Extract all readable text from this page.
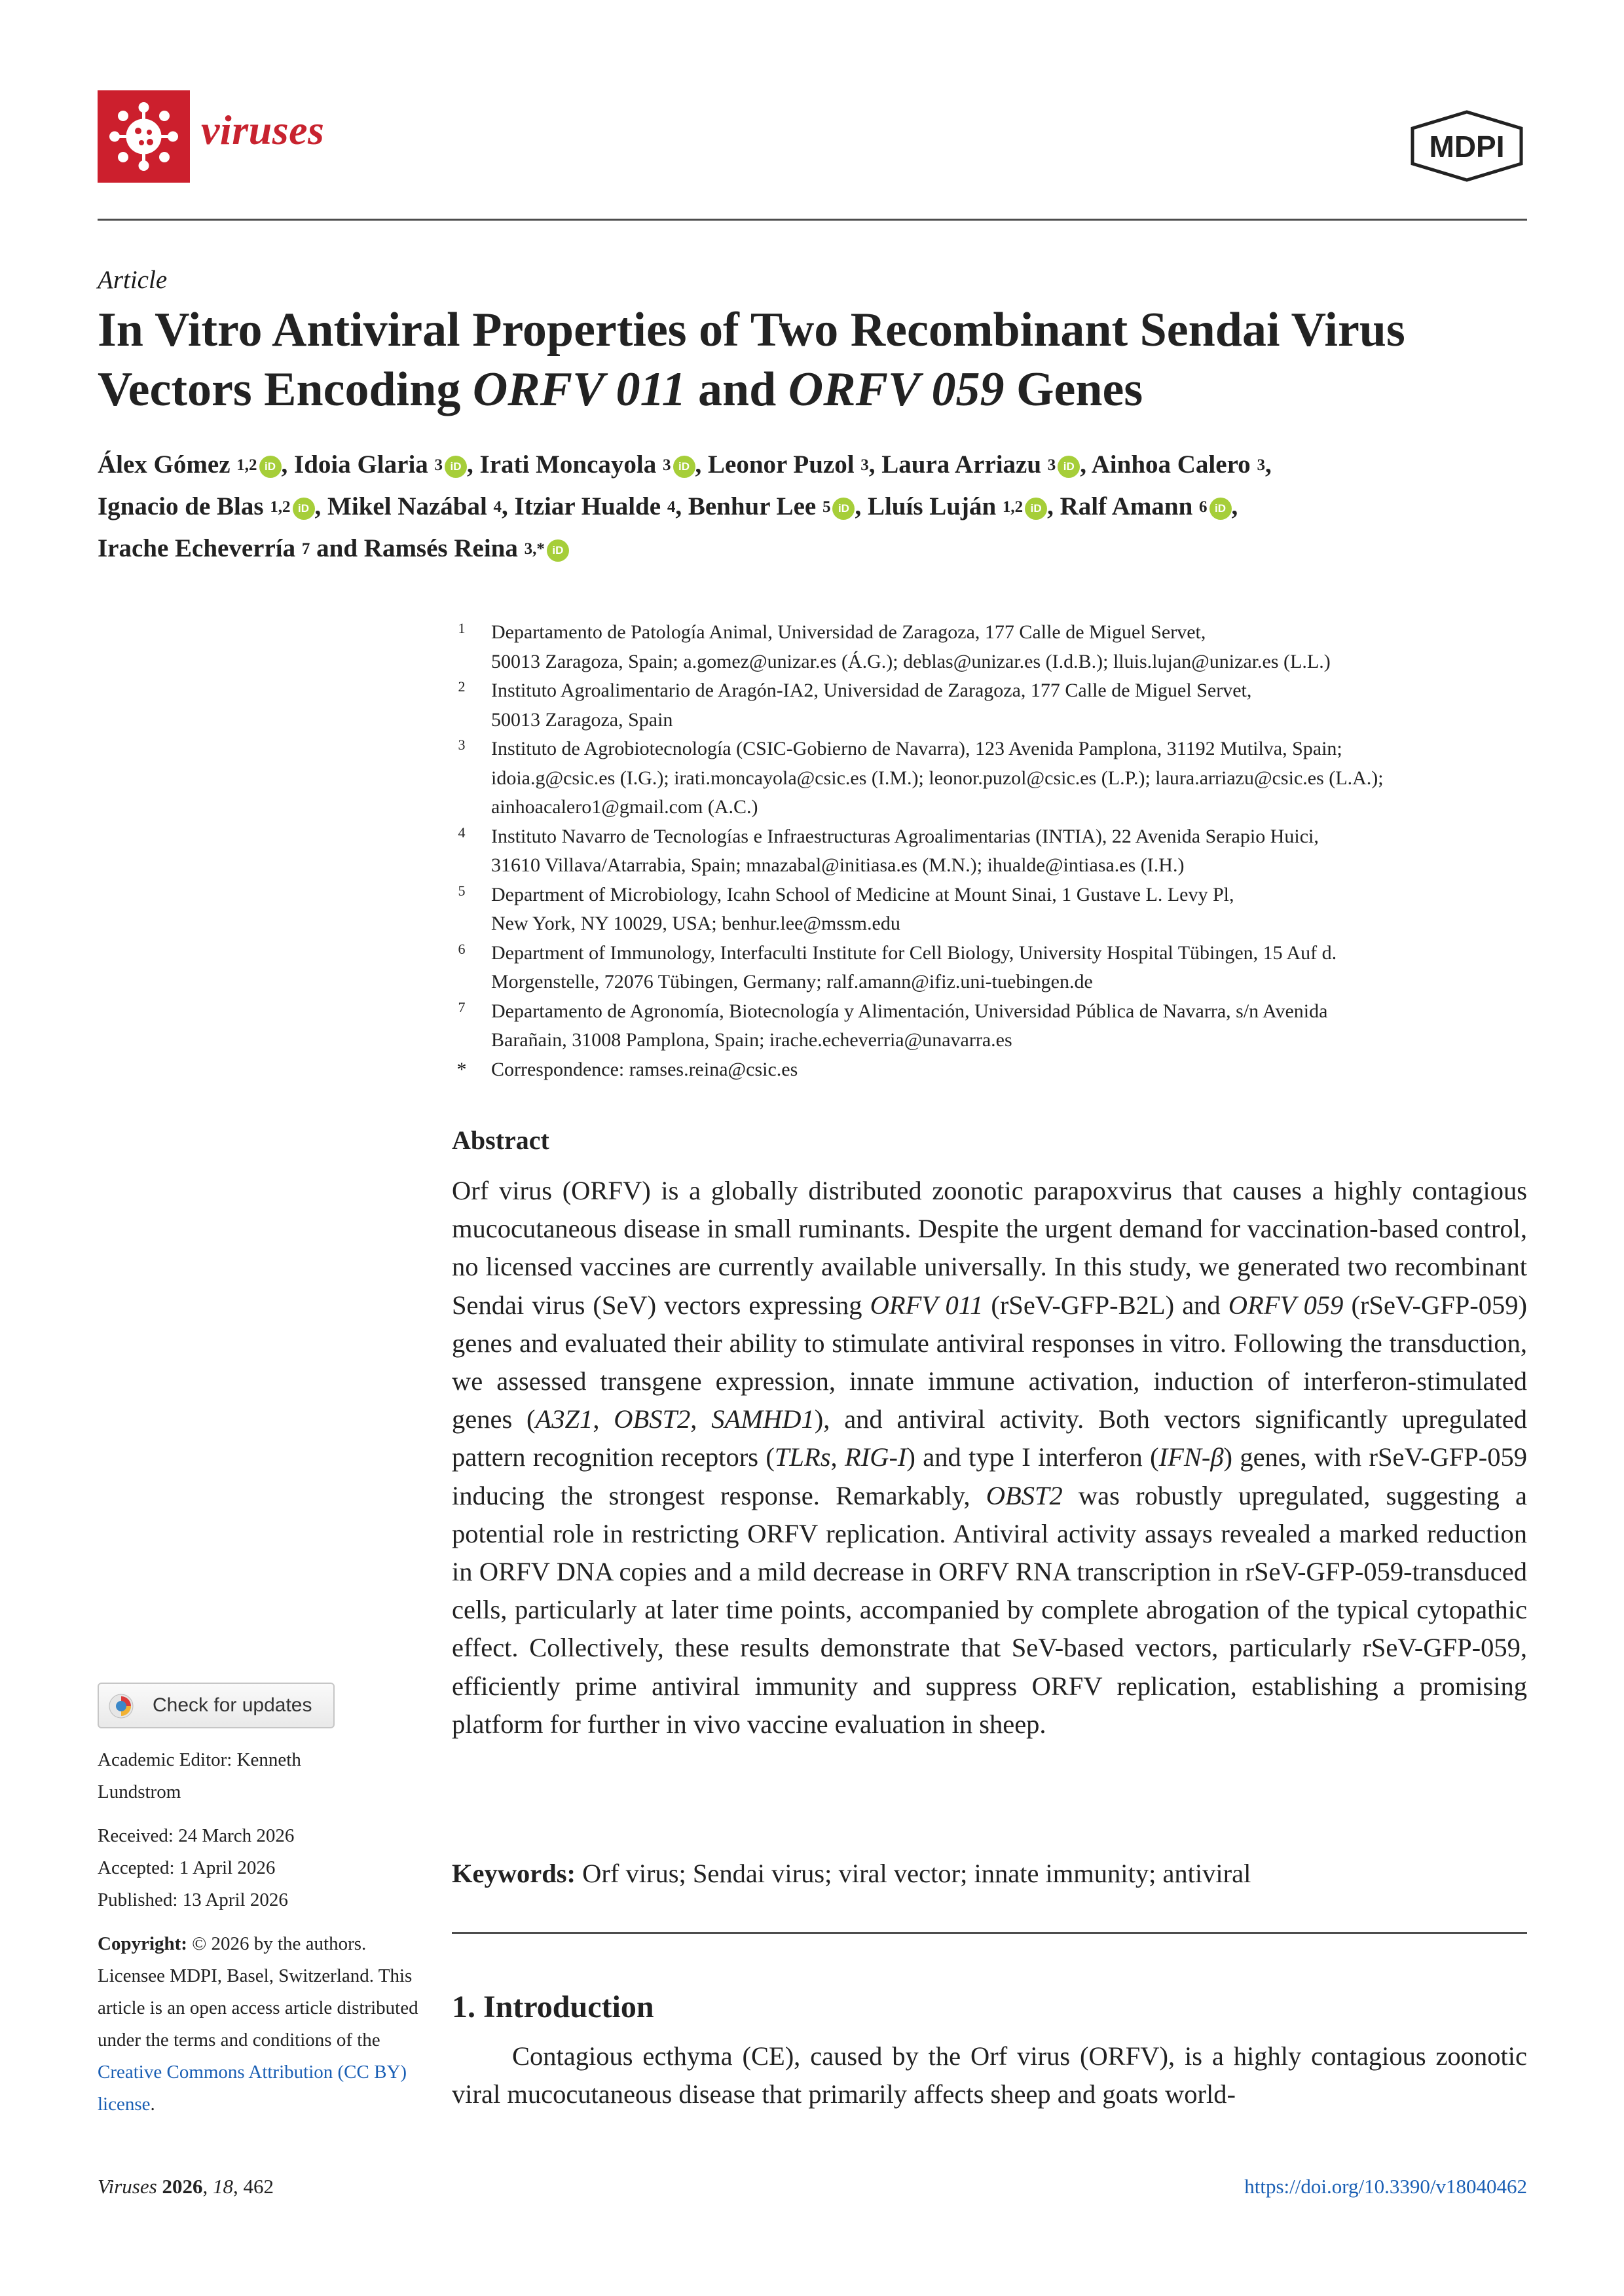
viruses	MDPI
Article
In Vitro Antiviral Properties of Two Recombinant Sendai Virus Vectors Encoding ORFV 011 and ORFV 059 Genes
Álex Gómez $^{1,2}$ iD , Idoia Glaria $^3$ iD , Irati Moncayola $^3$ iD , Leonor Puzol $^3$, Laura Arriazu $^3$ iD , Ainhoa Calero $^3$,
Ignacio de Blas $^{1,2}$ iD , Mikel Nazábal $^4$, Itziar Hualde $^4$, Benhur Lee $^5$ iD , Lluís Luján $^{1,2}$ iD , Ralf Amann $^6$ iD ,
Irache Echeverría $^7$ and Ramsés Reina $^{3,*}$ iD
1	Departamento de Patología Animal, Universidad de Zaragoza, 177 Calle de Miguel Servet,
50013 Zaragoza, Spain; a.gomez@unizar.es (Á.G.); deblas@unizar.es (I.d.B.); lluis.lujan@unizar.es (L.L.)
2	Instituto Agroalimentario de Aragón-IA2, Universidad de Zaragoza, 177 Calle de Miguel Servet,
50013 Zaragoza, Spain
3	Instituto de Agrobiotecnología (CSIC-Gobierno de Navarra), 123 Avenida Pamplona, 31192 Mutilva, Spain;
idoia.g@csic.es (I.G.); irati.moncayola@csic.es (I.M.); leonor.puzol@csic.es (L.P.); laura.arriazu@csic.es (L.A.);
ainhoacalero1@gmail.com (A.C.)
4	Instituto Navarro de Tecnologías e Infraestructuras Agroalimentarias (INTIA), 22 Avenida Serapio Huici,
31610 Villava/Atarrabia, Spain; mnazabal@initiasa.es (M.N.); ihualde@intiasa.es (I.H.)
5	Department of Microbiology, Icahn School of Medicine at Mount Sinai, 1 Gustave L. Levy Pl,
New York, NY 10029, USA; benhur.lee@mssm.edu
6	Department of Immunology, Interfaculti Institute for Cell Biology, University Hospital Tübingen, 15 Auf d.
Morgenstelle, 72076 Tübingen, Germany; ralf.amann@ifiz.uni-tuebingen.de
7	Departamento de Agronomía, Biotecnología y Alimentación, Universidad Pública de Navarra, s/n Avenida
Barañain, 31008 Pamplona, Spain; irache.echeverria@unavarra.es
* Correspondence: ramses.reina@csic.es
Abstract
Orf virus (ORFV) is a globally distributed zoonotic parapoxvirus that causes a highly contagious mucocutaneous disease in small ruminants. Despite the urgent demand for vaccination-based control, no licensed vaccines are currently available universally. In this study, we generated two recombinant Sendai virus (SeV) vectors expressing ORFV 011 (rSeV-GFP-B2L) and ORFV 059 (rSeV-GFP-059) genes and evaluated their ability to stimulate antiviral responses in vitro. Following the transduction, we assessed transgene expression, innate immune activation, induction of interferon-stimulated genes (A3Z1, OBST2, SAMHD1), and antiviral activity. Both vectors significantly upregulated pattern recognition receptors (TLRs, RIG-I) and type I interferon (IFN-β) genes, with rSeV-GFP-059 inducing the strongest response. Remarkably, OBST2 was robustly upregulated, suggesting a potential role in restricting ORFV replication. Antiviral activity assays revealed a marked reduction in ORFV DNA copies and a mild decrease in ORFV RNA transcription in rSeV-GFP-059-transduced cells, particularly at later time points, accompanied by complete abrogation of the typical cytopathic effect. Collectively, these results demonstrate that SeV-based vectors, particularly rSeV-GFP-059, efficiently prime antiviral immunity and suppress ORFV replication, establishing a promising platform for further in vivo vaccine evaluation in sheep.
Keywords: Orf virus; Sendai virus; viral vector; innate immunity; antiviral
1. Introduction
Contagious ecthyma (CE), caused by the Orf virus (ORFV), is a highly contagious zoonotic viral mucocutaneous disease that primarily affects sheep and goats world-
Check for updates
Academic Editor: Kenneth Lundstrom
Received: 24 March 2026
Accepted: 1 April 2026
Published: 13 April 2026
Copyright: © 2026 by the authors. Licensee MDPI, Basel, Switzerland. This article is an open access article distributed under the terms and conditions of the Creative Commons Attribution (CC BY) license.
Viruses 2026, 18, 462	https://doi.org/10.3390/v18040462
